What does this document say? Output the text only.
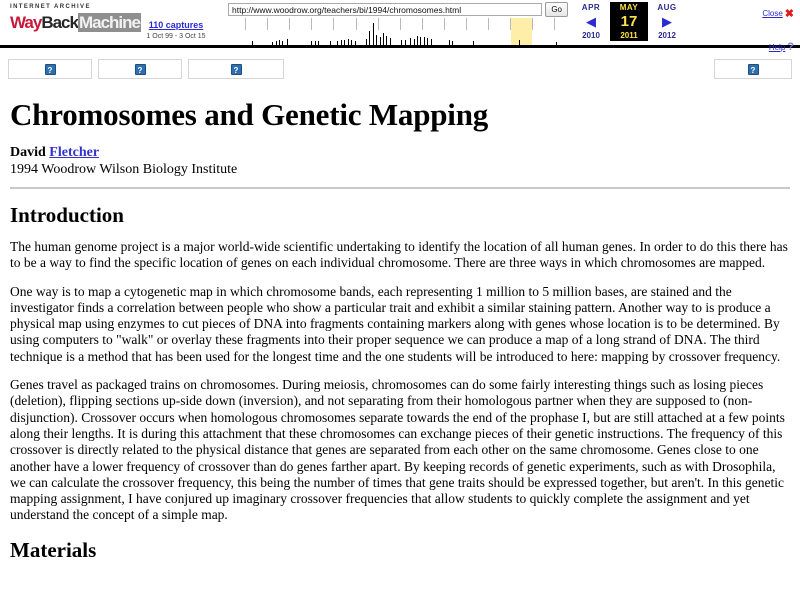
INTERNET ARCHIVE
Way Back Machine 110 captures
1 Oct 99 - 3 Oct 15
http://www.woodrow.org/teachers/bi/1994/chromosomes.html	Go	APR
◀
2010
MAY
17
2011
AUG
▶
2012
Close ✖
Help ?
?	?	?	?
Chromosomes and Genetic Mapping

David Fletcher

1994 Woodrow Wilson Biology Institute

Introduction

The human genome project is a major world-wide scientific undertaking to identify the location of all human genes. In order to do this there has to be a way to find the specific location of genes on each individual chromosome. There are three ways in which chromosomes are mapped.

One way is to map a cytogenetic map in which chromosome bands, each representing 1 million to 5 million bases, are stained and the investigator finds a correlation between people who show a particular trait and exhibit a similar staining pattern. Another way to is produce a physical map using enzymes to cut pieces of DNA into fragments containing markers along with genes whose location is to be determined. By using computers to "walk" or overlay these fragments into their proper sequence we can produce a map of a long strand of DNA. The third technique is a method that has been used for the longest time and the one students will be introduced to here: mapping by crossover frequency.

Genes travel as packaged trains on chromosomes. During meiosis, chromosomes can do some fairly interesting things such as losing pieces (deletion), flipping sections up-side down (inversion), and not separating from their homologous partner when they are supposed to (non- disjunction). Crossover occurs when homologous chromosomes separate towards the end of the prophase I, but are still attached at a few points along their lengths. It is during this attachment that these chromosomes can exchange pieces of their genetic instructions. The frequency of this crossover is directly related to the physical distance that genes are separated from each other on the same chromosome. Genes close to one another have a lower frequency of crossover than do genes farther apart. By keeping records of genetic experiments, such as with Drosophila, we can calculate the crossover frequency, this being the number of times that gene traits should be expressed together, but aren't. In this genetic mapping assignment, I have conjured up imaginary crossover frequencies that allow students to quickly complete the assignment and yet understand the concept of a simple map.

Materials
